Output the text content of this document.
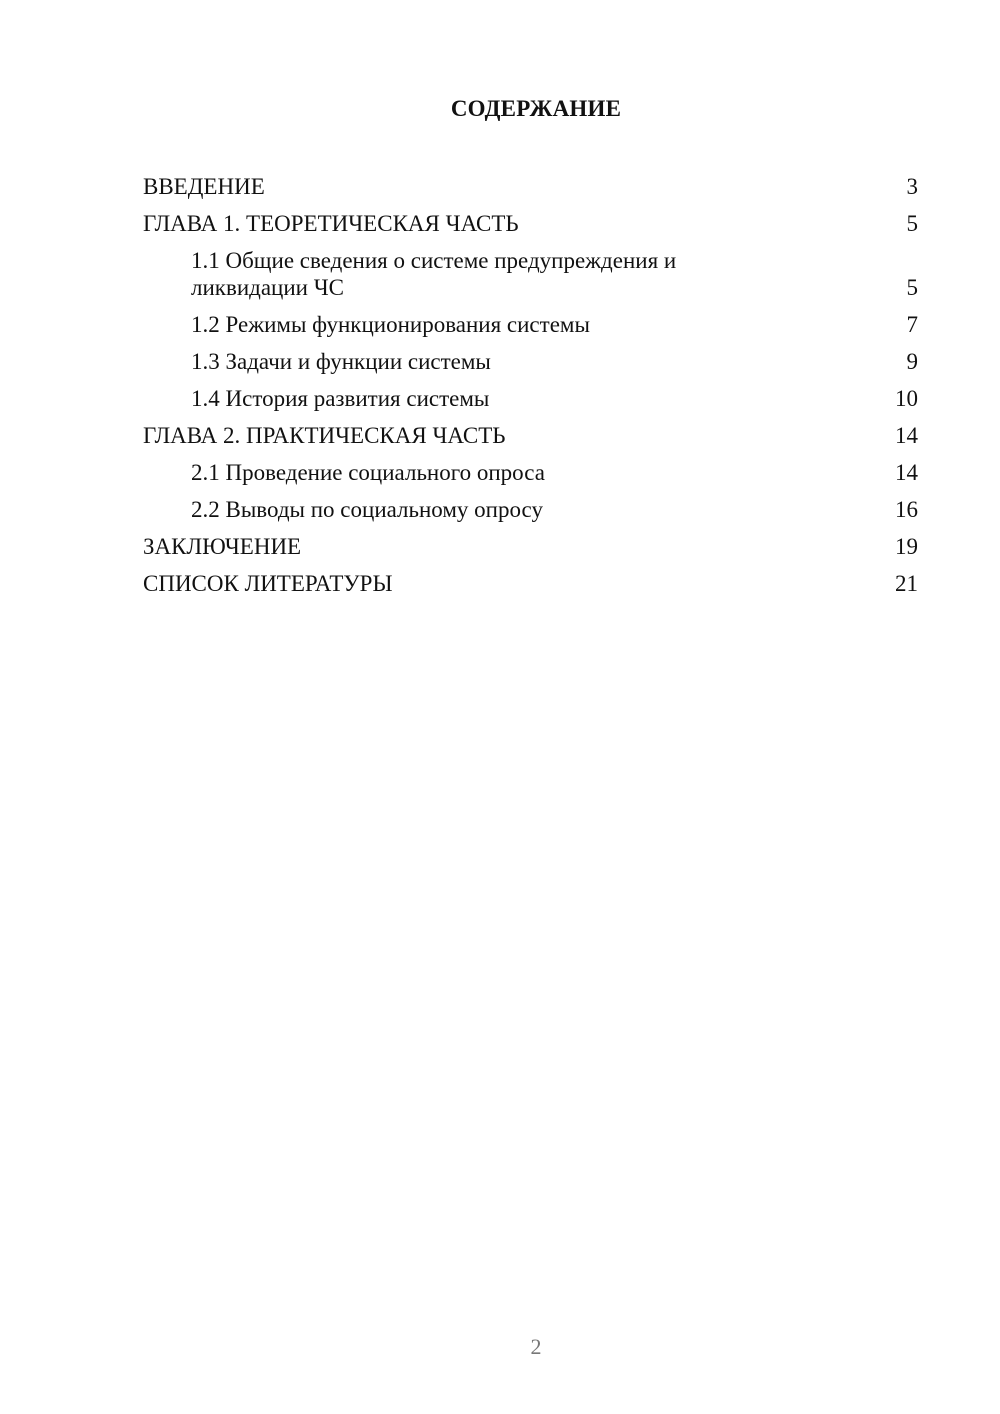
СОДЕРЖАНИЕ
ВВЕДЕНИЕ	3
ГЛАВА 1. ТЕОРЕТИЧЕСКАЯ ЧАСТЬ	5
1.1 Общие сведения о системе предупреждения и ликвидации ЧС	5
1.2 Режимы функционирования системы	7
1.3 Задачи и функции системы	9
1.4 История развития системы	10
ГЛАВА 2. ПРАКТИЧЕСКАЯ ЧАСТЬ	14
2.1 Проведение социального опроса	14
2.2 Выводы по социальному опросу	16
ЗАКЛЮЧЕНИЕ	19
СПИСОК ЛИТЕРАТУРЫ	21
2
